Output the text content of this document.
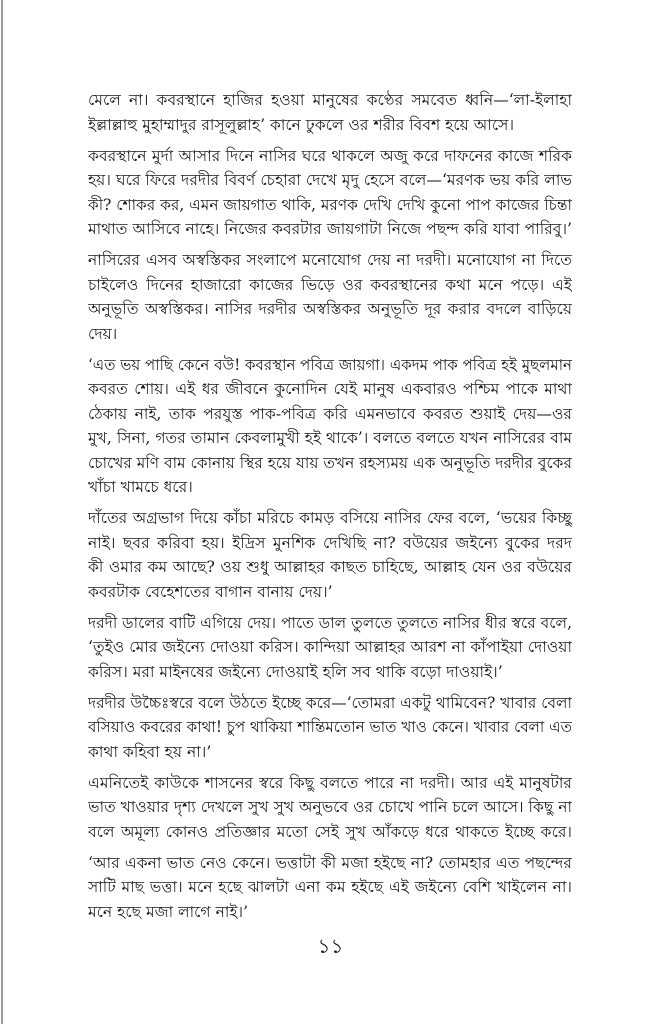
মেলে না। কবরস্থানে হাজির হওয়া মানুষের কণ্ঠের সমবেত ধ্বনি—‘লা-ইলাহা
ইল্লাল্লাহু মুহাম্মাদুর রাসূলুল্লাহ’ কানে ঢুকলে ওর শরীর বিবশ হয়ে আসে।
কবরস্থানে মুর্দা আসার দিনে নাসির ঘরে থাকলে অজু করে দাফনের কাজে শরিক
হয়। ঘরে ফিরে দরদীর বিবর্ণ চেহারা দেখে মৃদু হেসে বলে—‘মরণক ভয় করি লাভ
কী? শোকর কর, এমন জায়গাত থাকি, মরণক দেখি দেখি কুনো পাপ কাজের চিন্তা
মাথাত আসিবে নাহে। নিজের কবরটার জায়গাটা নিজে পছন্দ করি যাবা পারিবু।’
নাসিরের এসব অস্বস্তিকর সংলাপে মনোযোগ দেয় না দরদী। মনোযোগ না দিতে
চাইলেও দিনের হাজারো কাজের ভিড়ে ওর কবরস্থানের কথা মনে পড়ে। এই
অনুভূতি অস্বস্তিকর। নাসির দরদীর অস্বস্তিকর অনুভূতি দূর করার বদলে বাড়িয়ে
দেয়।
‘এত ভয় পাছি কেনে বউ! কবরস্থান পবিত্র জায়গা। একদম পাক পবিত্র হই মুছলমান
কবরত শোয়। এই ধর জীবনে কুনোদিন যেই মানুষ একবারও পশ্চিম পাকে মাথা
ঠেকায় নাই, তাক পরযুস্ত পাক-পবিত্র করি এমনভাবে কবরত শুয়াই দেয়—ওর
মুখ, সিনা, গতর তামান কেবলামুখী হই থাকে’। বলতে বলতে যখন নাসিরের বাম
চোখের মণি বাম কোনায় স্থির হয়ে যায় তখন রহস্যময় এক অনুভূতি দরদীর বুকের
খাঁচা খামচে ধরে।
দাঁতের অগ্রভাগ দিয়ে কাঁচা মরিচে কামড় বসিয়ে নাসির ফের বলে, ‘ভয়ের কিচ্ছু
নাই। ছবর করিবা হয়। ইদ্রিস মুনশিক দেখিছি না? বউয়ের জইন্যে বুকের দরদ
কী ওমার কম আছে? ওয় শুধু আল্লাহর কাছত চাহিছে, আল্লাহ যেন ওর বউয়ের
কবরটাক বেহেশতের বাগান বানায় দেয়।’
দরদী ডালের বাটি এগিয়ে দেয়। পাতে ডাল তুলতে তুলতে নাসির ধীর স্বরে বলে,
‘তুইও মোর জইন্যে দোওয়া করিস। কান্দিয়া আল্লাহর আরশ না কাঁপাইয়া দোওয়া
করিস। মরা মাইনষের জইন্যে দোওয়াই হলি সব থাকি বড়ো দাওয়াই।’
দরদীর উচ্চৈঃস্বরে বলে উঠতে ইচ্ছে করে—‘তোমরা একটু থামিবেন? খাবার বেলা
বসিয়াও কবরের কাথা! চুপ থাকিয়া শান্তিমতোন ভাত খাও কেনে। খাবার বেলা এত
কাথা কহিবা হয় না।’
এমনিতেই কাউকে শাসনের স্বরে কিছু বলতে পারে না দরদী। আর এই মানুষটার
ভাত খাওয়ার দৃশ্য দেখলে সুখ সুখ অনুভবে ওর চোখে পানি চলে আসে। কিছু না
বলে অমূল্য কোনও প্রতিজ্ঞার মতো সেই সুখ আঁকড়ে ধরে থাকতে ইচ্ছে করে।
‘আর একনা ভাত নেও কেনে। ভত্তাটা কী মজা হইছে না? তোমহার এত পছন্দের
সাটি মাছ ভত্তা। মনে হছে ঝালটা এনা কম হইছে এই জইন্যে বেশি খাইলেন না।
মনে হছে মজা লাগে নাই।’
১১
